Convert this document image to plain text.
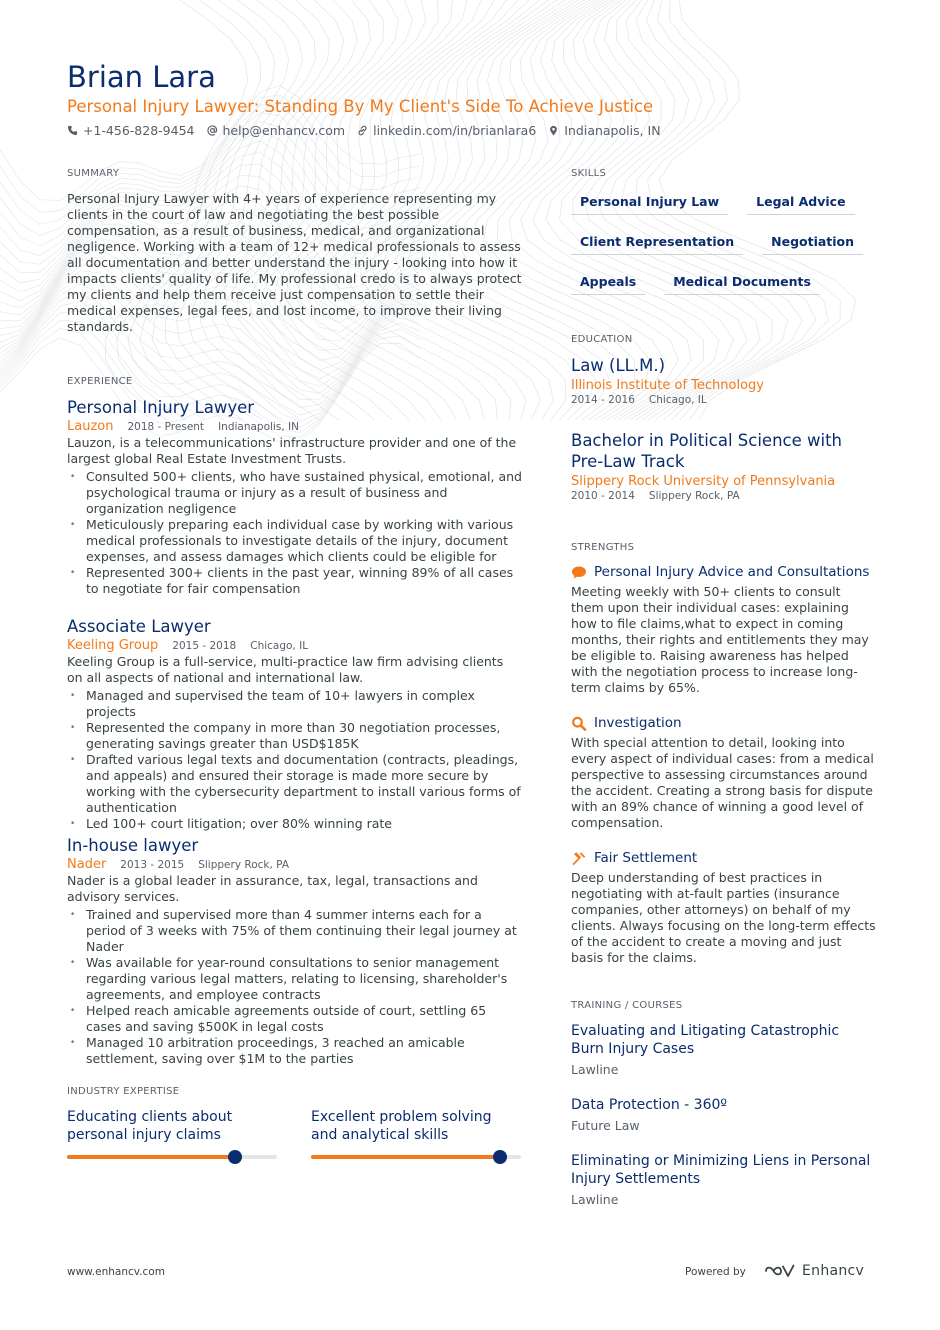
Brian Lara
Personal Injury Lawyer: Standing By My Client's Side To Achieve Justice
+1-456-828-9454 help@enhancv.com linkedin.com/in/brianlara6 Indianapolis, IN
SUMMARY
Personal Injury Lawyer with 4+ years of experience representing my clients in the court of law and negotiating the best possible compensation, as a result of business, medical, and organizational negligence. Working with a team of 12+ medical professionals to assess all documentation and better understand the injury - looking into how it impacts clients' quality of life. My professional credo is to always protect my clients and help them receive just compensation to settle their medical expenses, legal fees, and lost income, to improve their living standards.
EXPERIENCE
Personal Injury Lawyer
Lauzon 2018 - Present Indianapolis, IN
Lauzon, is a telecommunications' infrastructure provider and one of the largest global Real Estate Investment Trusts.
• Consulted 500+ clients, who have sustained physical, emotional, and psychological trauma or injury as a result of business and organization negligence
• Meticulously preparing each individual case by working with various medical professionals to investigate details of the injury, document expenses, and assess damages which clients could be eligible for
• Represented 300+ clients in the past year, winning 89% of all cases to negotiate for fair compensation
Associate Lawyer
Keeling Group 2015 - 2018 Chicago, IL
Keeling Group is a full-service, multi-practice law firm advising clients on all aspects of national and international law.
• Managed and supervised the team of 10+ lawyers in complex projects
• Represented the company in more than 30 negotiation processes, generating savings greater than USD$185K
• Drafted various legal texts and documentation (contracts, pleadings, and appeals) and ensured their storage is made more secure by working with the cybersecurity department to install various forms of authentication
• Led 100+ court litigation; over 80% winning rate
In-house lawyer
Nader 2013 - 2015 Slippery Rock, PA
Nader is a global leader in assurance, tax, legal, transactions and advisory services.
• Trained and supervised more than 4 summer interns each for a period of 3 weeks with 75% of them continuing their legal journey at Nader
• Was available for year-round consultations to senior management regarding various legal matters, relating to licensing, shareholder's agreements, and employee contracts
• Helped reach amicable agreements outside of court, settling 65 cases and saving $500K in legal costs
• Managed 10 arbitration proceedings, 3 reached an amicable settlement, saving over $1M to the parties
INDUSTRY EXPERTISE
Educating clients about personal injury claims
Excellent problem solving and analytical skills
SKILLS
Personal Injury Law	Legal Advice
Client Representation	Negotiation
Appeals	Medical Documents
EDUCATION
Law (LL.M.)
Illinois Institute of Technology
2014 - 2016 Chicago, IL
Bachelor in Political Science with Pre-Law Track
Slippery Rock University of Pennsylvania
2010 - 2014 Slippery Rock, PA
STRENGTHS
Personal Injury Advice and Consultations
Meeting weekly with 50+ clients to consult them upon their individual cases: explaining how to file claims,what to expect in coming months, their rights and entitlements they may be eligible to. Raising awareness has helped with the negotiation process to increase long-term claims by 65%.
Investigation
With special attention to detail, looking into every aspect of individual cases: from a medical perspective to assessing circumstances around the accident. Creating a strong basis for dispute with an 89% chance of winning a good level of compensation.
Fair Settlement
Deep understanding of best practices in negotiating with at-fault parties (insurance companies, other attorneys) on behalf of my clients. Always focusing on the long-term effects of the accident to create a moving and just basis for the claims.
TRAINING / COURSES
Evaluating and Litigating Catastrophic Burn Injury Cases
Lawline
Data Protection - 360º
Future Law
Eliminating or Minimizing Liens in Personal Injury Settlements
Lawline
www.enhancv.com	Powered by	Enhancv
